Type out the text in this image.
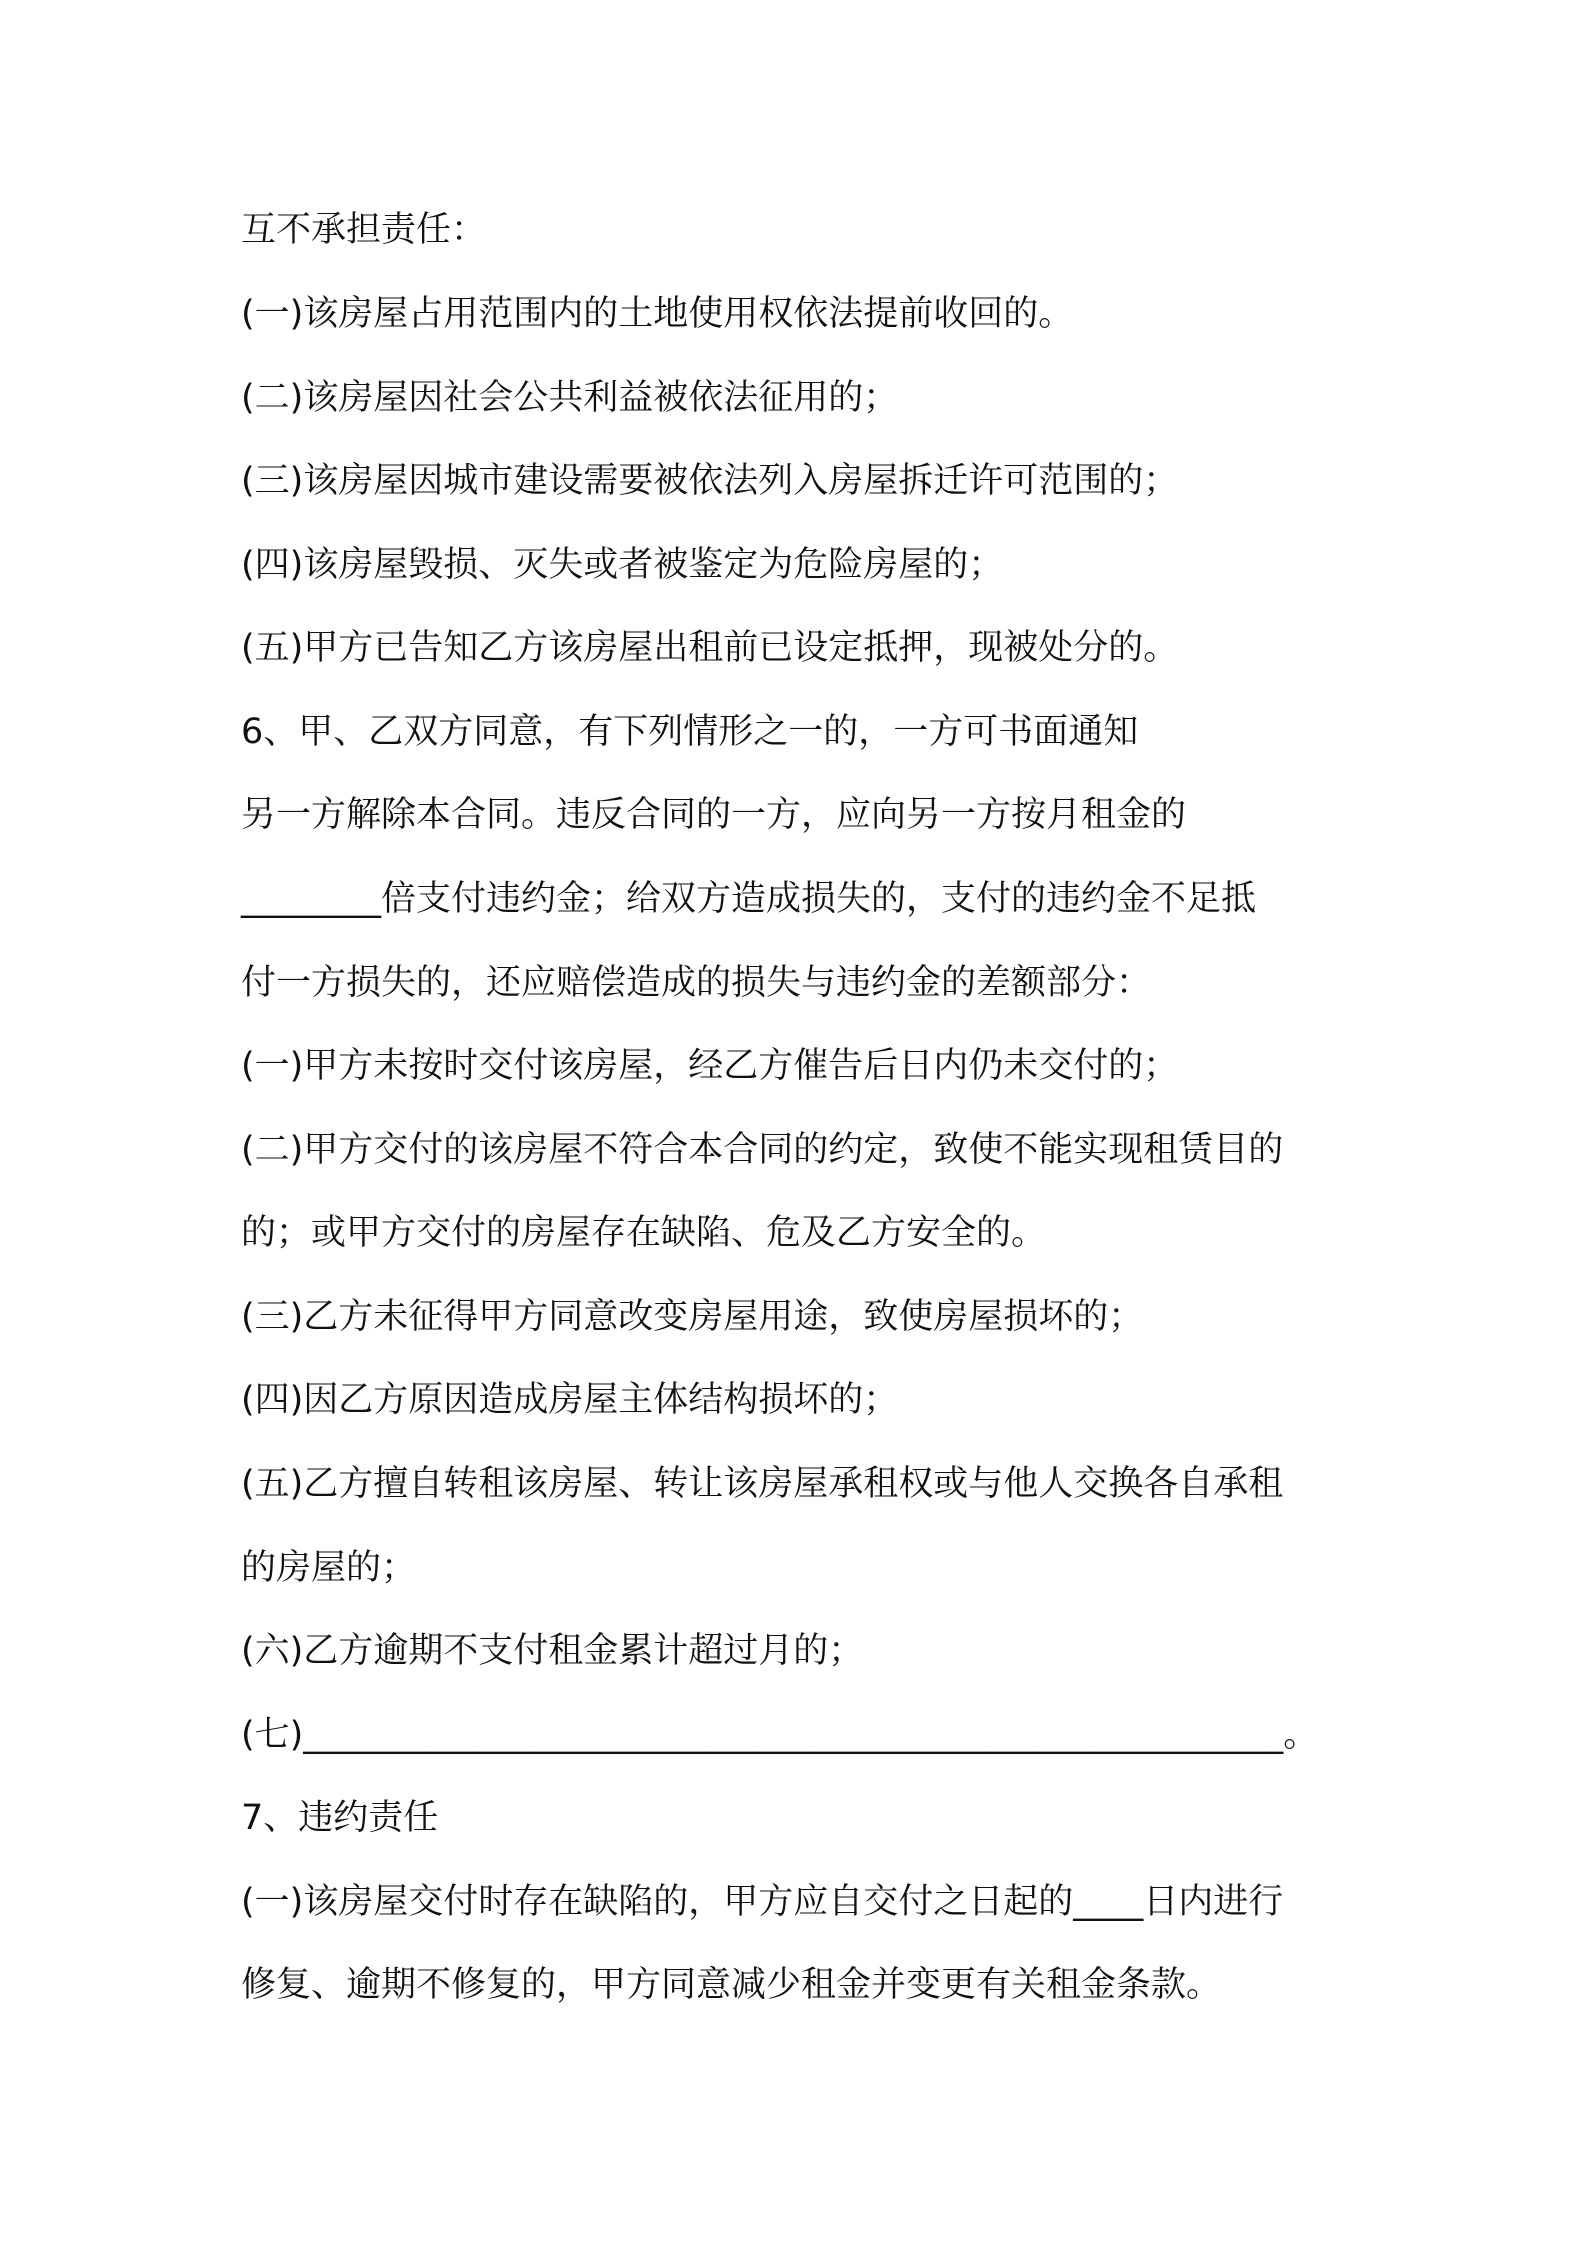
互不承担责任：
(一)该房屋占用范围内的土地使用权依法提前收回的。
(二)该房屋因社会公共利益被依法征用的；
(三)该房屋因城市建设需要被依法列入房屋拆迁许可范围的；
(四)该房屋毁损、灭失或者被鉴定为危险房屋的；
(五)甲方已告知乙方该房屋出租前已设定抵押，现被处分的。
6、甲、乙双方同意，有下列情形之一的，一方可书面通知
另一方解除本合同。违反合同的一方，应向另一方按月租金的
________倍支付违约金；给双方造成损失的，支付的违约金不足抵
付一方损失的，还应赔偿造成的损失与违约金的差额部分：
(一)甲方未按时交付该房屋，经乙方催告后日内仍未交付的；
(二)甲方交付的该房屋不符合本合同的约定，致使不能实现租赁目的
的；或甲方交付的房屋存在缺陷、危及乙方安全的。
(三)乙方未征得甲方同意改变房屋用途，致使房屋损坏的；
(四)因乙方原因造成房屋主体结构损坏的；
(五)乙方擅自转租该房屋、转让该房屋承租权或与他人交换各自承租
的房屋的；
(六)乙方逾期不支付租金累计超过月的；
(七)________________________________________________________。
7、违约责任
(一)该房屋交付时存在缺陷的，甲方应自交付之日起的____日内进行
修复、逾期不修复的，甲方同意减少租金并变更有关租金条款。
